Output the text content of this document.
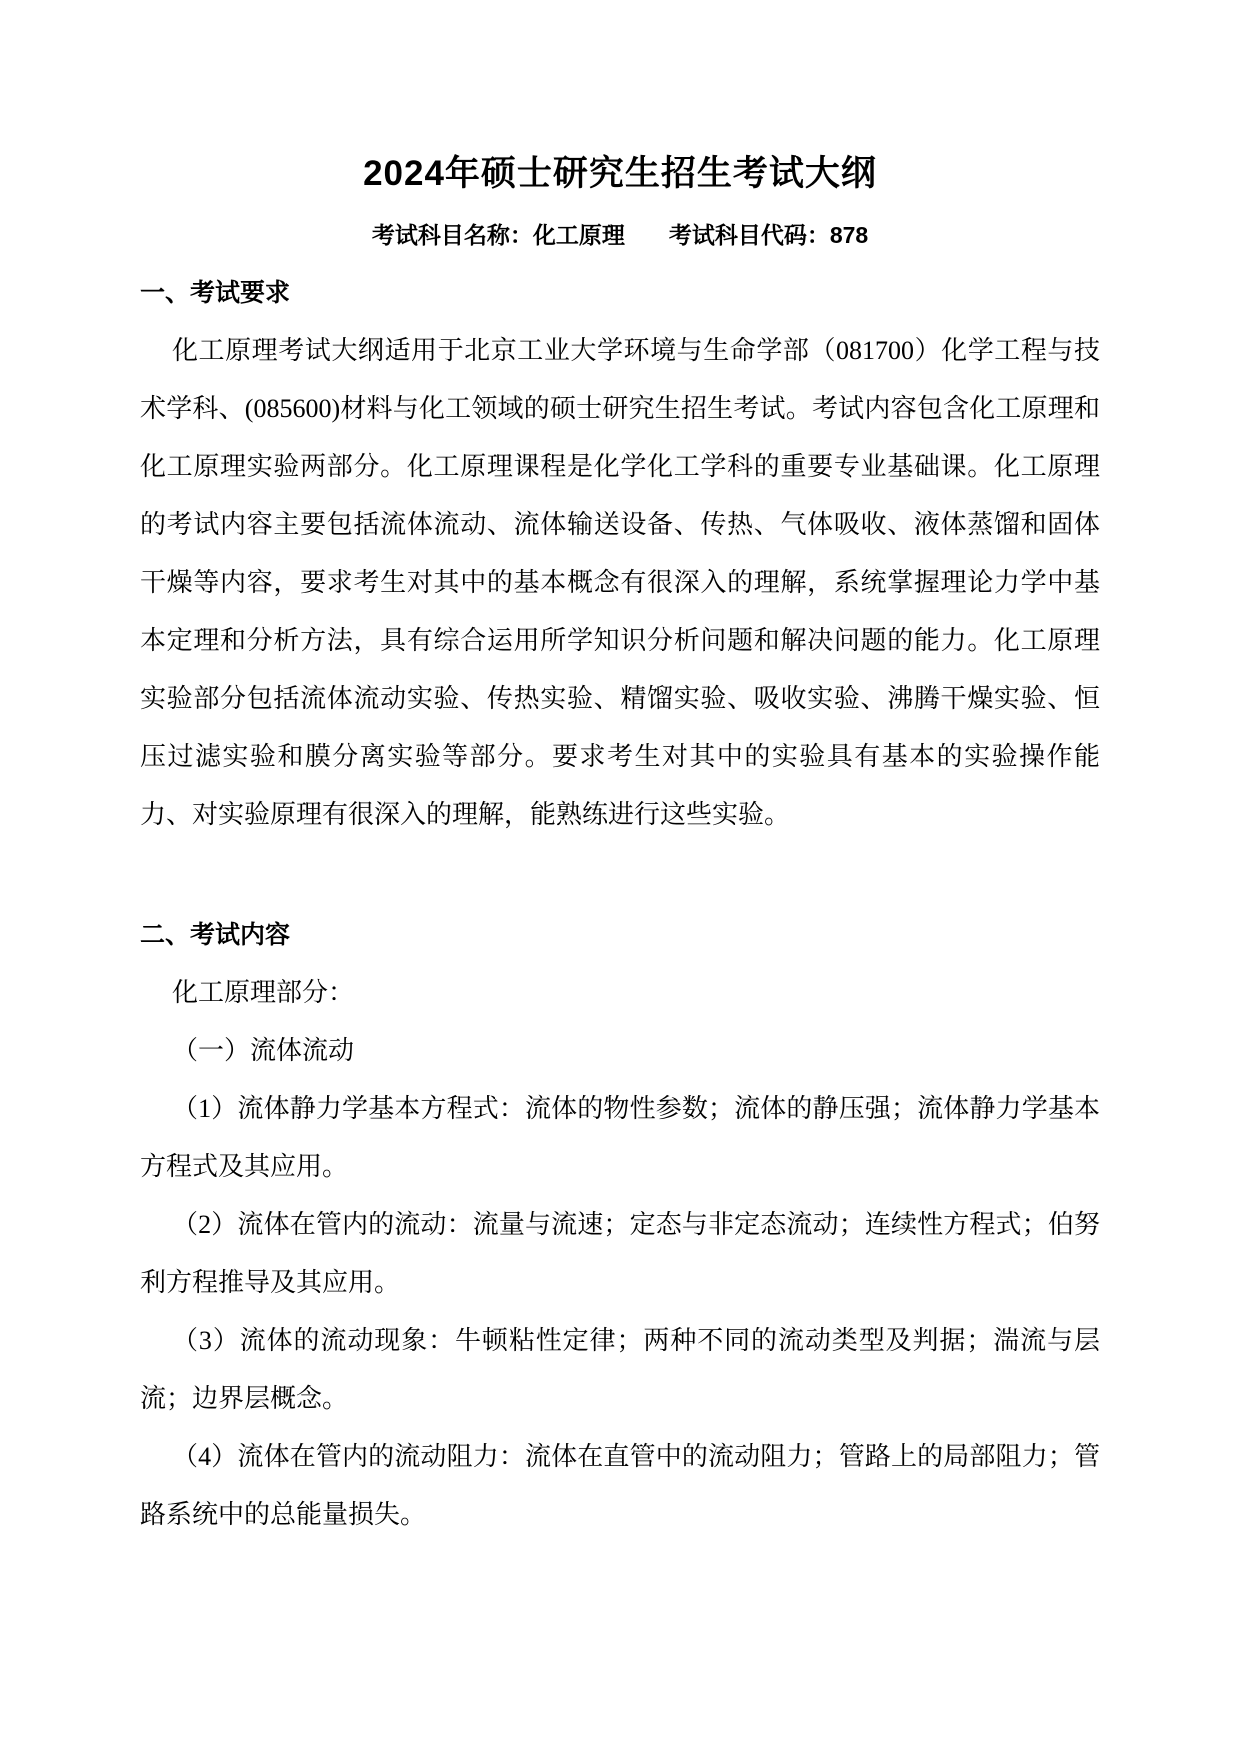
2024年硕士研究生招生考试大纲
考试科目名称：化工原理 考试科目代码：878
一、考试要求

化工原理考试大纲适用于北京工业大学环境与生命学部（081700）化学工程与技术学科、(085600)材料与化工领域的硕士研究生招生考试。考试内容包含化工原理和化工原理实验两部分。化工原理课程是化学化工学科的重要专业基础课。化工原理的考试内容主要包括流体流动、流体输送设备、传热、气体吸收、液体蒸馏和固体干燥等内容，要求考生对其中的基本概念有很深入的理解，系统掌握理论力学中基本定理和分析方法，具有综合运用所学知识分析问题和解决问题的能力。化工原理实验部分包括流体流动实验、传热实验、精馏实验、吸收实验、沸腾干燥实验、恒压过滤实验和膜分离实验等部分。要求考生对其中的实验具有基本的实验操作能力、对实验原理有很深入的理解，能熟练进行这些实验。

二、考试内容

化工原理部分：

（一）流体流动

（1）流体静力学基本方程式：流体的物性参数；流体的静压强；流体静力学基本方程式及其应用。

（2）流体在管内的流动：流量与流速；定态与非定态流动；连续性方程式；伯努利方程推导及其应用。

（3）流体的流动现象：牛顿粘性定律；两种不同的流动类型及判据；湍流与层流；边界层概念。

（4）流体在管内的流动阻力：流体在直管中的流动阻力；管路上的局部阻力；管路系统中的总能量损失。
